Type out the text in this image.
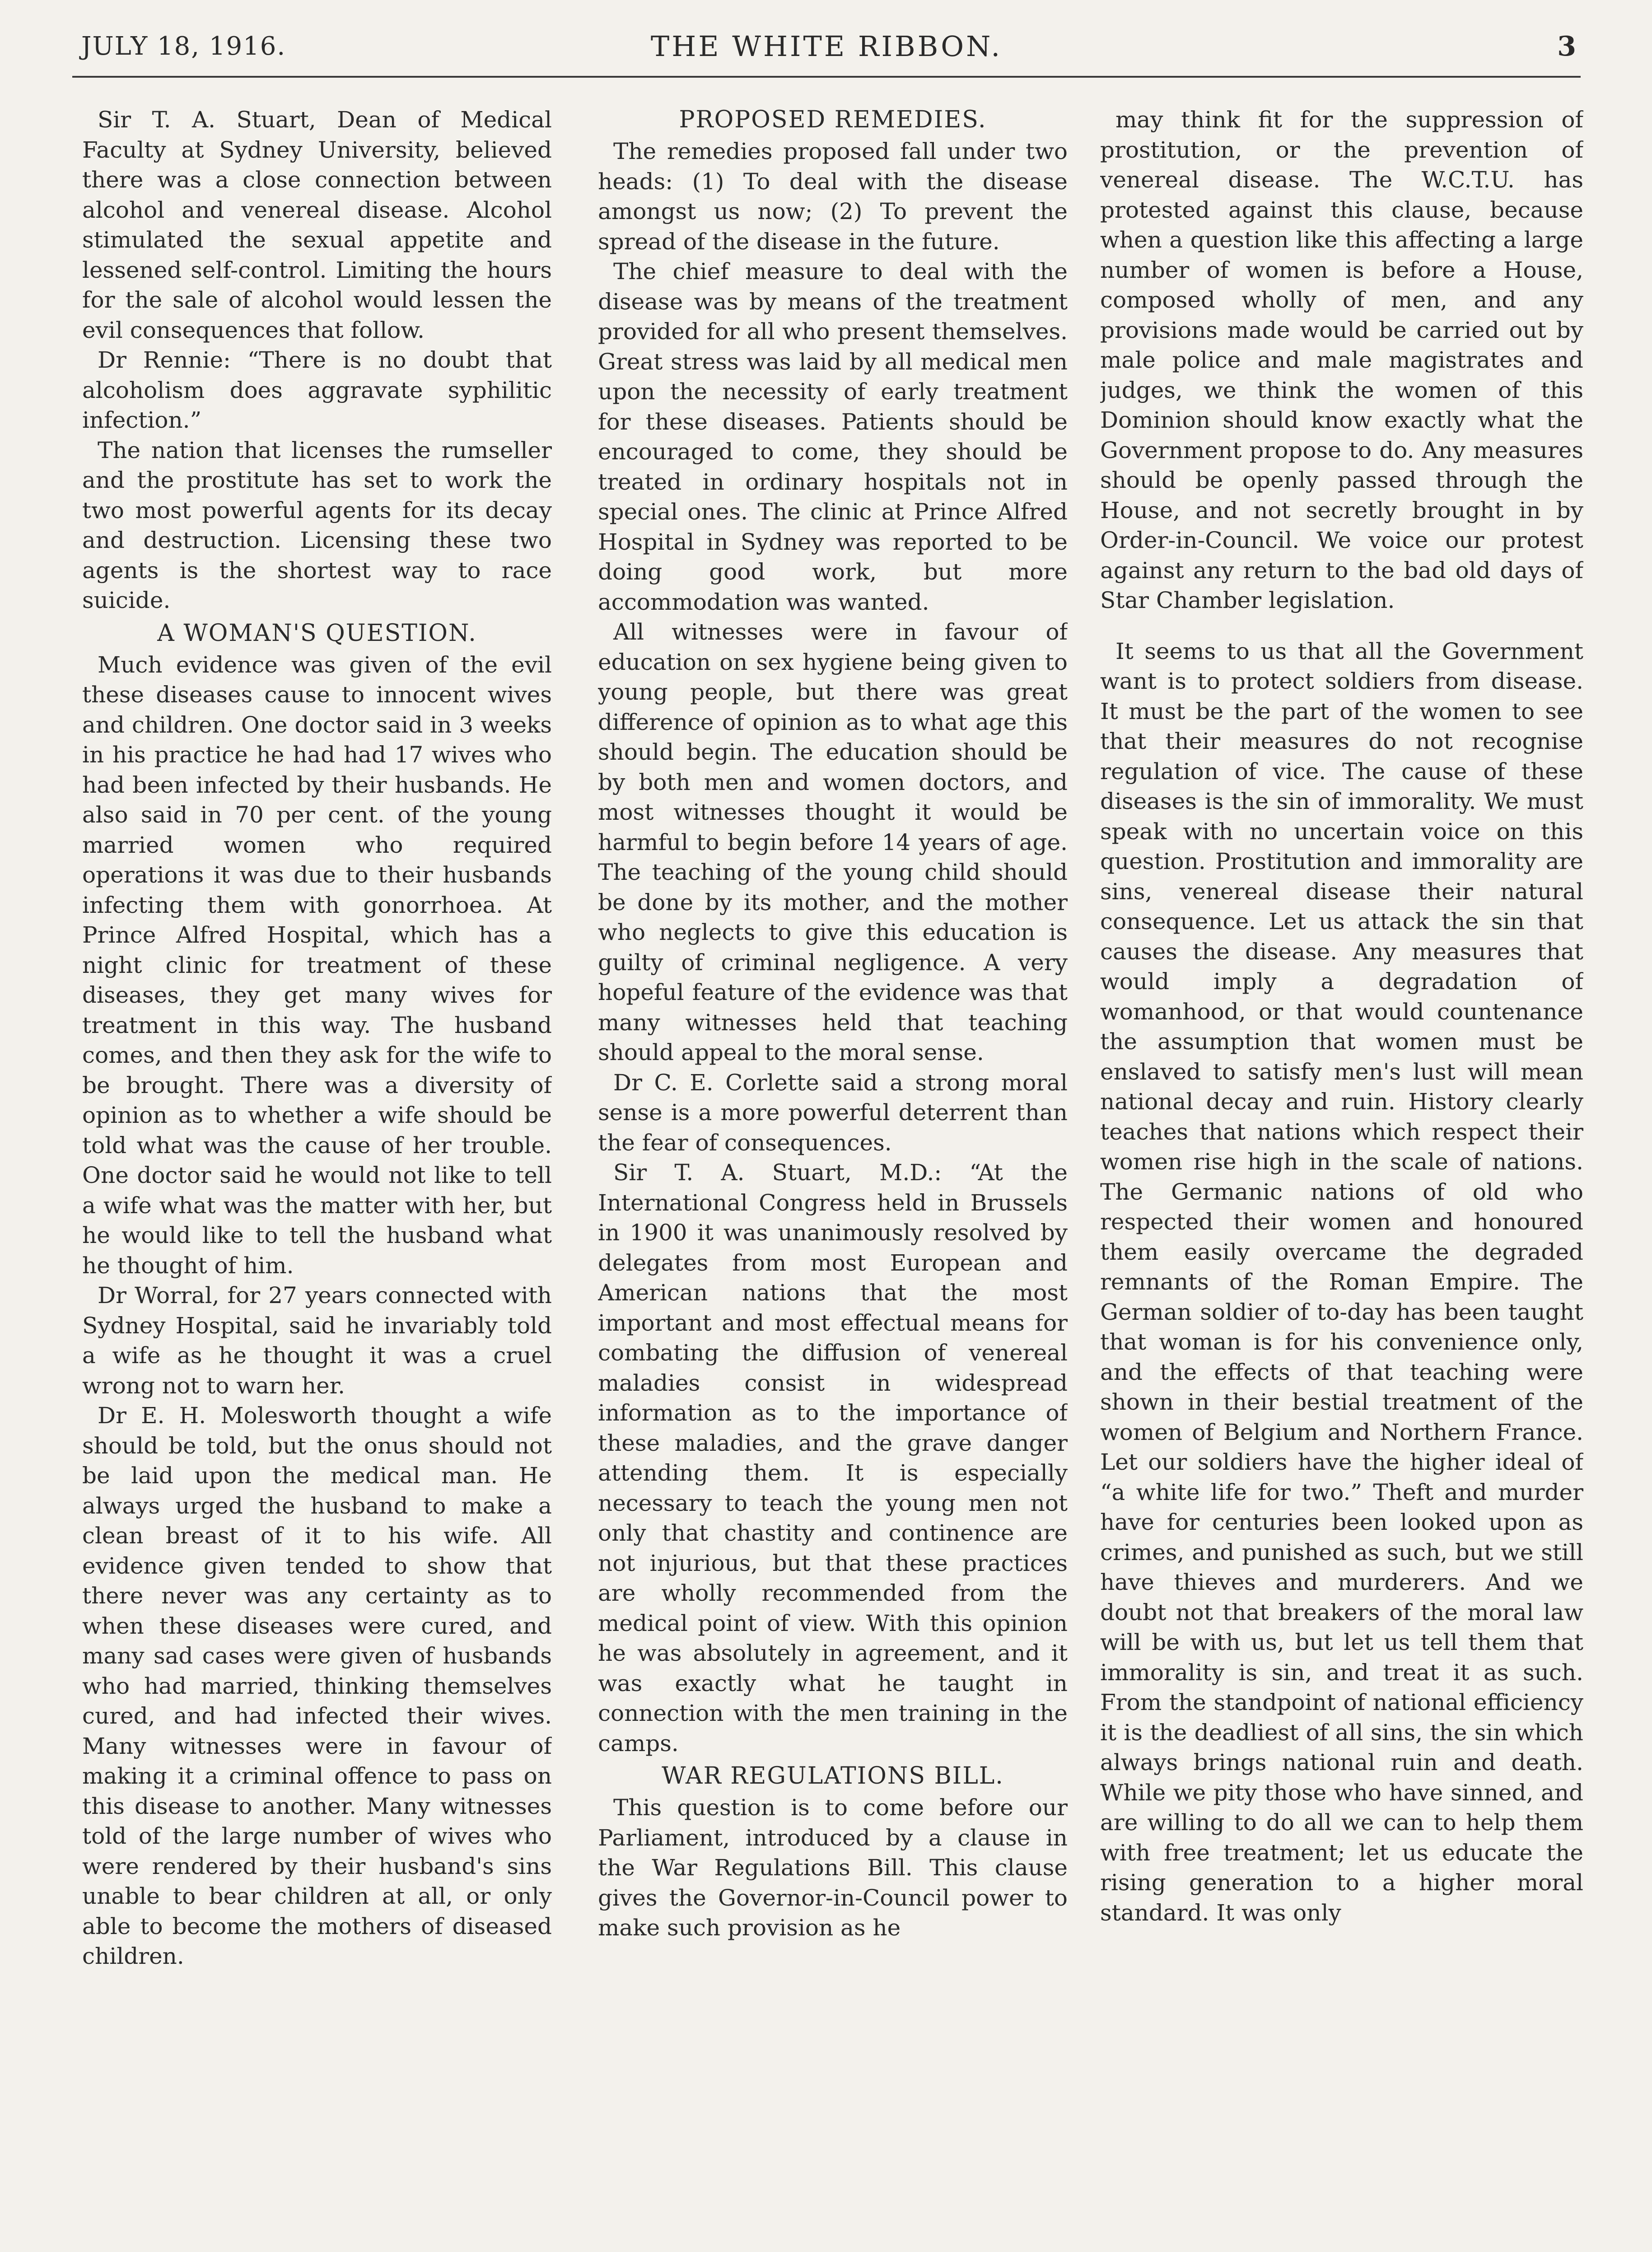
JULY 18, 1916.	THE WHITE RIBBON.	3

Sir T. A. Stuart, Dean of Medical Faculty at Sydney University, believed there was a close connection between alcohol and venereal disease. Alcohol stimulated the sexual appetite and lessened self-control. Limiting the hours for the sale of alcohol would lessen the evil consequences that follow.

Dr Rennie: “There is no doubt that alcoholism does aggravate syphilitic infection.”

The nation that licenses the rumseller and the prostitute has set to work the two most powerful agents for its decay and destruction. Licensing these two agents is the shortest way to race suicide.

A WOMAN'S QUESTION.

Much evidence was given of the evil these diseases cause to innocent wives and children. One doctor said in 3 weeks in his practice he had had 17 wives who had been infected by their husbands. He also said in 70 per cent. of the young married women who required operations it was due to their husbands infecting them with gonorrhoea. At Prince Alfred Hospital, which has a night clinic for treatment of these diseases, they get many wives for treatment in this way. The husband comes, and then they ask for the wife to be brought. There was a diversity of opinion as to whether a wife should be told what was the cause of her trouble. One doctor said he would not like to tell a wife what was the matter with her, but he would like to tell the husband what he thought of him.

Dr Worral, for 27 years connected with Sydney Hospital, said he invariably told a wife as he thought it was a cruel wrong not to warn her.

Dr E. H. Molesworth thought a wife should be told, but the onus should not be laid upon the medical man. He always urged the husband to make a clean breast of it to his wife. All evidence given tended to show that there never was any certainty as to when these diseases were cured, and many sad cases were given of husbands who had married, thinking themselves cured, and had infected their wives. Many witnesses were in favour of making it a criminal offence to pass on this disease to another. Many witnesses told of the large number of wives who were rendered by their husband's sins unable to bear children at all, or only able to become the mothers of diseased children.

PROPOSED REMEDIES.

The remedies proposed fall under two heads: (1) To deal with the disease amongst us now; (2) To prevent the spread of the disease in the future.

The chief measure to deal with the disease was by means of the treatment provided for all who present themselves. Great stress was laid by all medical men upon the necessity of early treatment for these diseases. Patients should be encouraged to come, they should be treated in ordinary hospitals not in special ones. The clinic at Prince Alfred Hospital in Sydney was reported to be doing good work, but more accommodation was wanted.

All witnesses were in favour of education on sex hygiene being given to young people, but there was great difference of opinion as to what age this should begin. The education should be by both men and women doctors, and most witnesses thought it would be harmful to begin before 14 years of age. The teaching of the young child should be done by its mother, and the mother who neglects to give this education is guilty of criminal negligence. A very hopeful feature of the evidence was that many witnesses held that teaching should appeal to the moral sense.

Dr C. E. Corlette said a strong moral sense is a more powerful deterrent than the fear of consequences.

Sir T. A. Stuart, M.D.: “At the International Congress held in Brussels in 1900 it was unanimously resolved by delegates from most European and American nations that the most important and most effectual means for combating the diffusion of venereal maladies consist in widespread information as to the importance of these maladies, and the grave danger attending them. It is especially necessary to teach the young men not only that chastity and continence are not injurious, but that these practices are wholly recommended from the medical point of view. With this opinion he was absolutely in agreement, and it was exactly what he taught in connection with the men training in the camps.

WAR REGULATIONS BILL.

This question is to come before our Parliament, introduced by a clause in the War Regulations Bill. This clause gives the Governor-in-Council power to make such provision as he

may think fit for the suppression of prostitution, or the prevention of venereal disease. The W.C.T.U. has protested against this clause, because when a question like this affecting a large number of women is before a House, composed wholly of men, and any provisions made would be carried out by male police and male magistrates and judges, we think the women of this Dominion should know exactly what the Government propose to do. Any measures should be openly passed through the House, and not secretly brought in by Order-in-Council. We voice our protest against any return to the bad old days of Star Chamber legislation.

It seems to us that all the Government want is to protect soldiers from disease. It must be the part of the women to see that their measures do not recognise regulation of vice. The cause of these diseases is the sin of immorality. We must speak with no uncertain voice on this question. Prostitution and immorality are sins, venereal disease their natural consequence. Let us attack the sin that causes the disease. Any measures that would imply a degradation of womanhood, or that would countenance the assumption that women must be enslaved to satisfy men's lust will mean national decay and ruin. History clearly teaches that nations which respect their women rise high in the scale of nations. The Germanic nations of old who respected their women and honoured them easily overcame the degraded remnants of the Roman Empire. The German soldier of to-day has been taught that woman is for his convenience only, and the effects of that teaching were shown in their bestial treatment of the women of Belgium and Northern France. Let our soldiers have the higher ideal of “a white life for two.” Theft and murder have for centuries been looked upon as crimes, and punished as such, but we still have thieves and murderers. And we doubt not that breakers of the moral law will be with us, but let us tell them that immorality is sin, and treat it as such. From the standpoint of national efficiency it is the deadliest of all sins, the sin which always brings national ruin and death. While we pity those who have sinned, and are willing to do all we can to help them with free treatment; let us educate the rising generation to a higher moral standard. It was only
